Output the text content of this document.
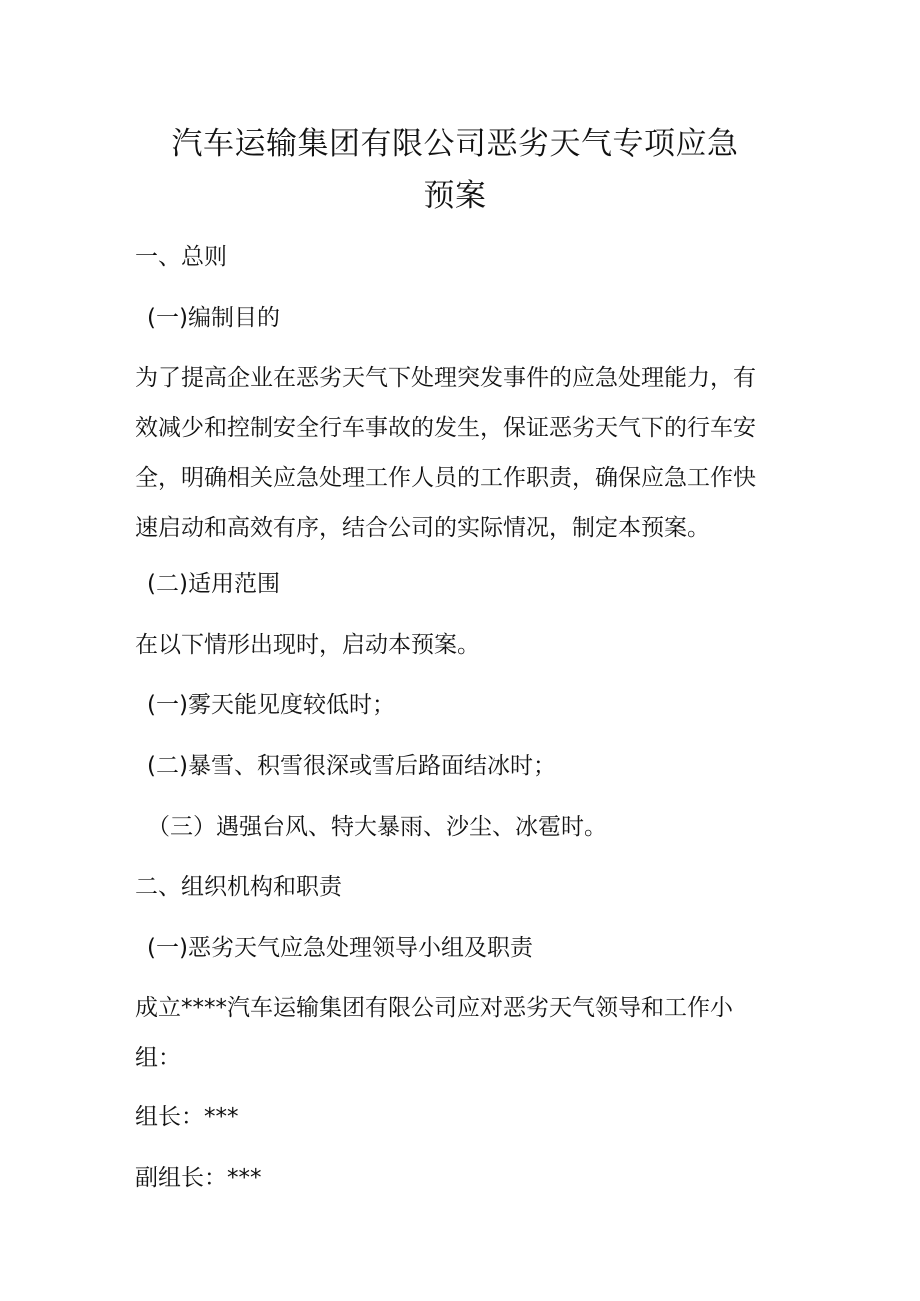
汽车运输集团有限公司恶劣天气专项应急
预案
一、总则
(一)编制目的
为了提高企业在恶劣天气下处理突发事件的应急处理能力，有
效减少和控制安全行车事故的发生，保证恶劣天气下的行车安
全，明确相关应急处理工作人员的工作职责，确保应急工作快
速启动和高效有序，结合公司的实际情况，制定本预案。
(二)适用范围
在以下情形出现时，启动本预案。
(一)雾天能见度较低时；
(二)暴雪、积雪很深或雪后路面结冰时；
（三）遇强台风、特大暴雨、沙尘、冰雹时。
二、组织机构和职责
(一)恶劣天气应急处理领导小组及职责
成立****汽车运输集团有限公司应对恶劣天气领导和工作小
组：
组长：***
副组长：***
